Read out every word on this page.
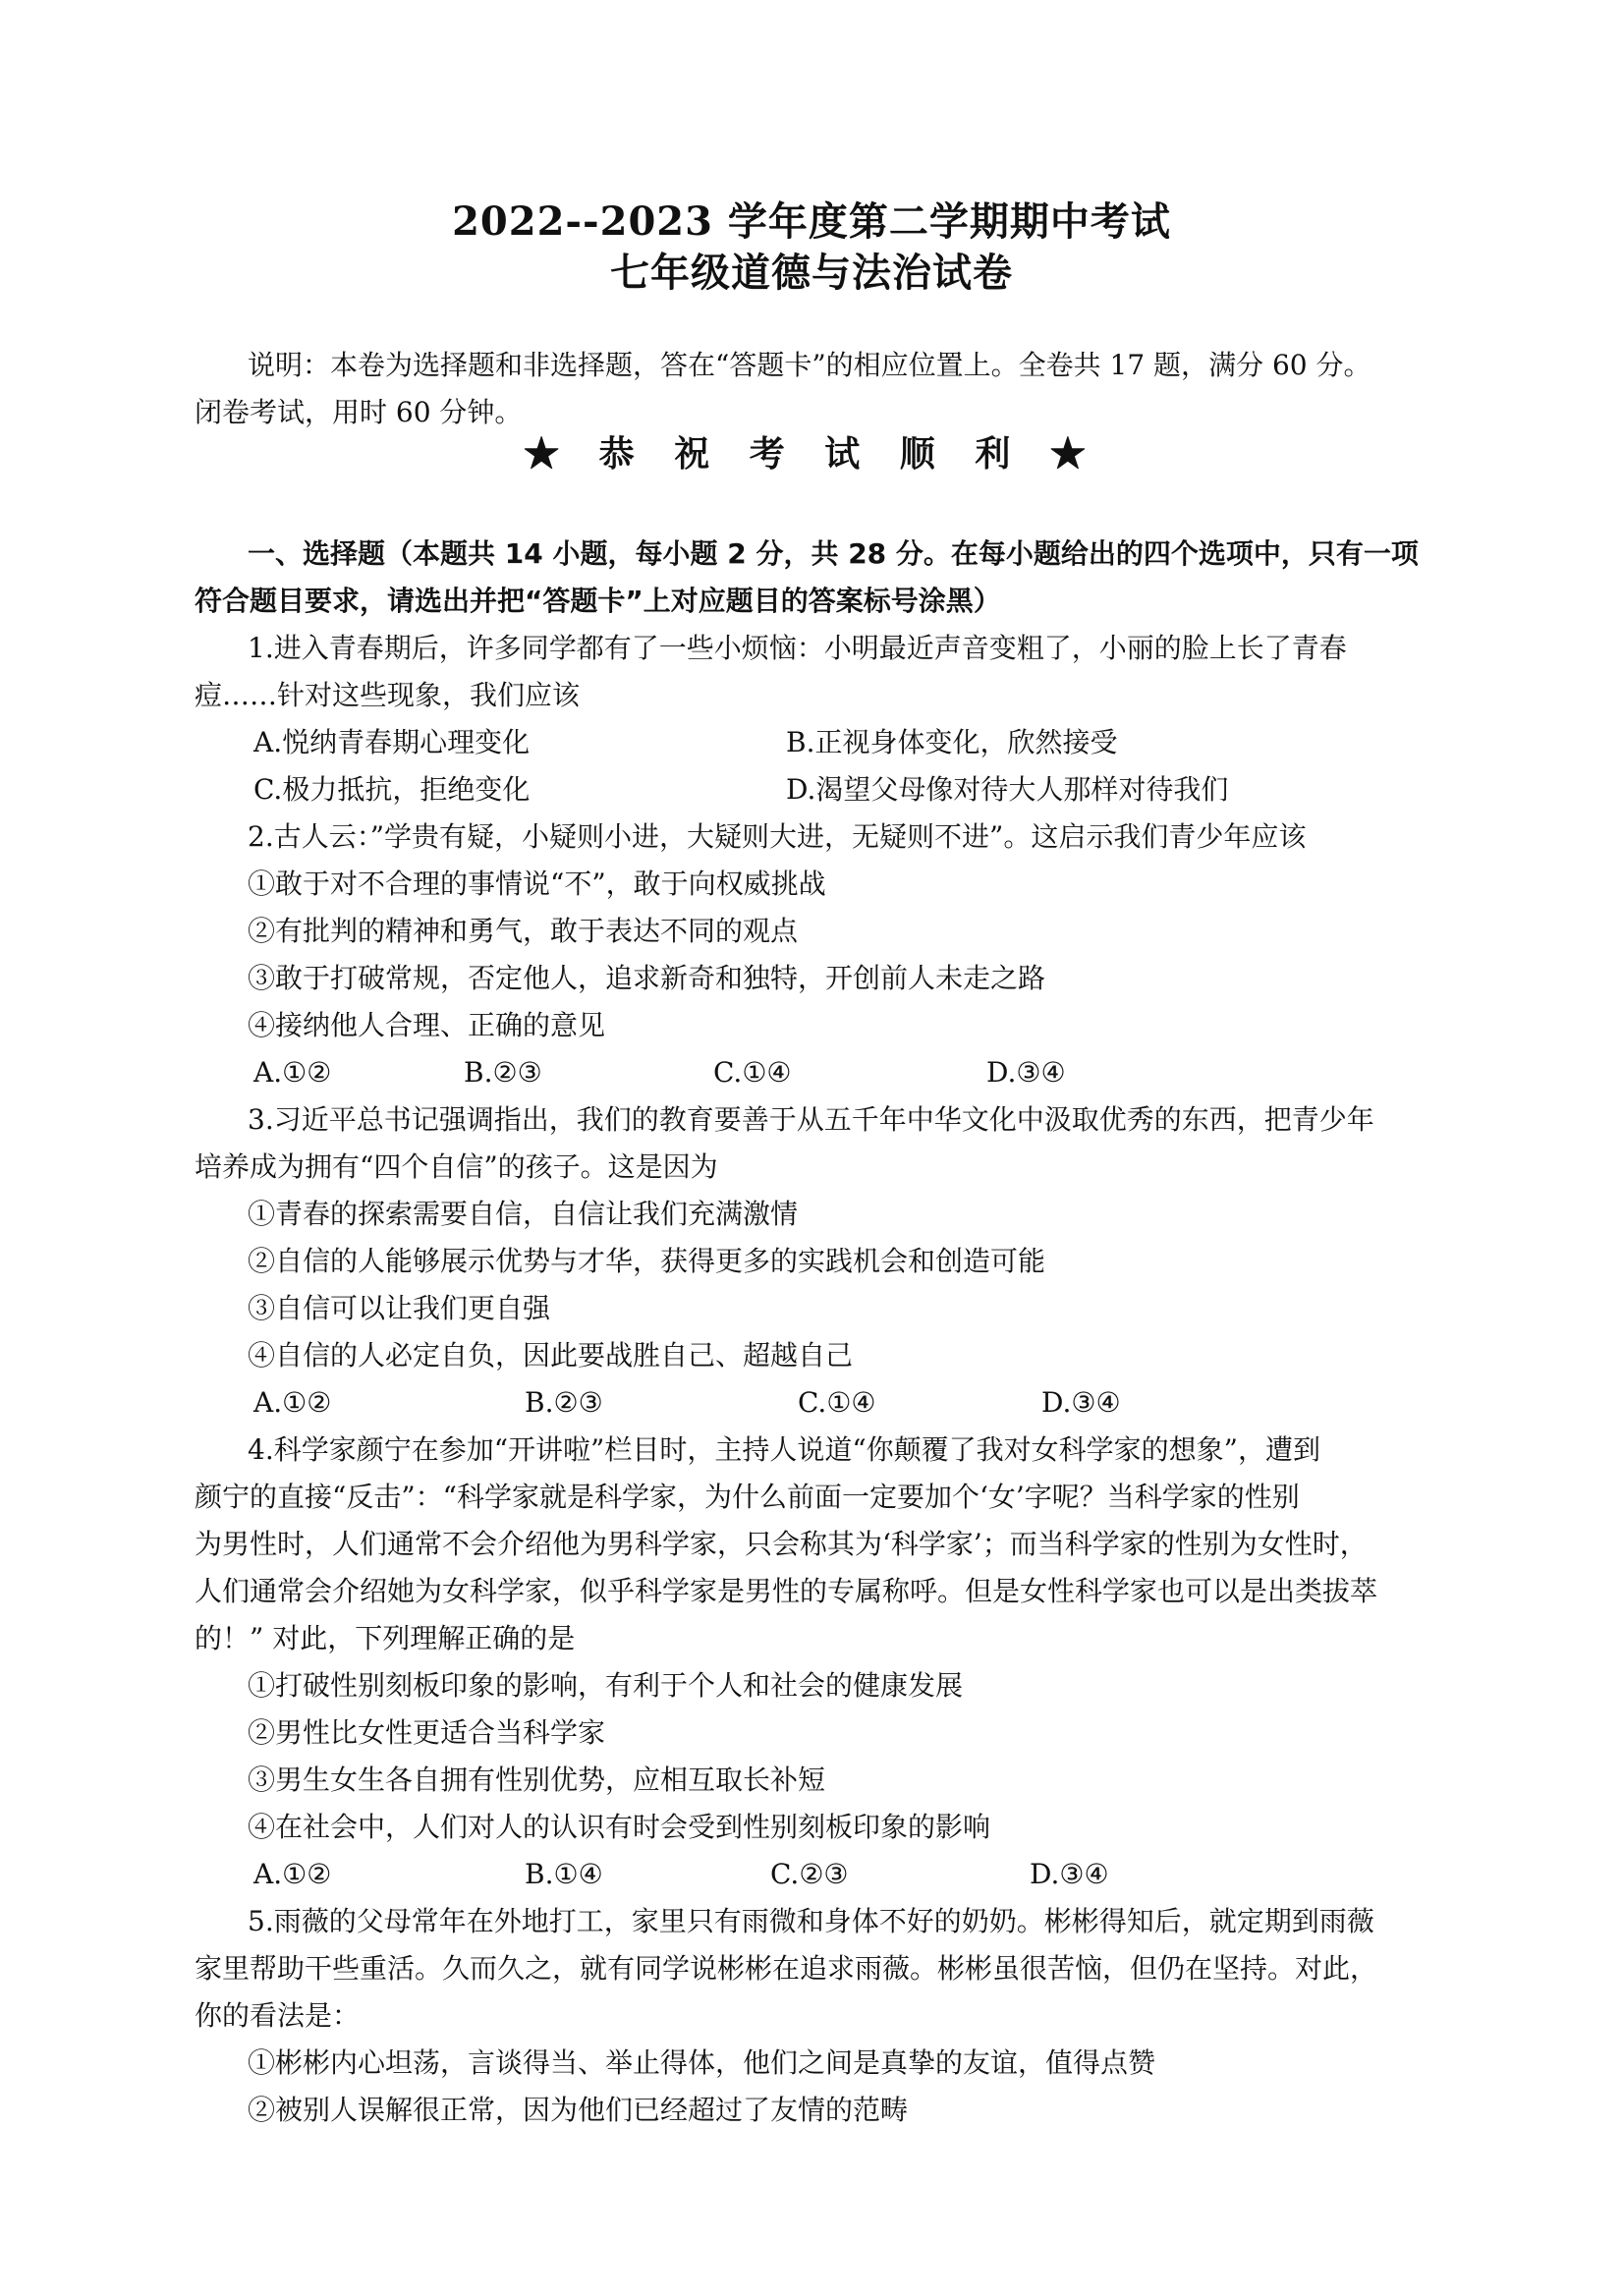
2022--2023 学年度第二学期期中考试
七年级道德与法治试卷
说明：本卷为选择题和非选择题，答在“答题卡”的相应位置上。全卷共 17 题，满分 60 分。
闭卷考试，用时 60 分钟。
★ 恭 祝 考 试 顺 利 ★
一、选择题（本题共 14 小题，每小题 2 分，共 28 分。在每小题给出的四个选项中，只有一项
符合题目要求，请选出并把“答题卡”上对应题目的答案标号涂黑）
1.进入青春期后，许多同学都有了一些小烦恼：小明最近声音变粗了，小丽的脸上长了青春
痘……针对这些现象，我们应该
A.悦纳青春期心理变化	B.正视身体变化，欣然接受
C.极力抵抗，拒绝变化	D.渴望父母像对待大人那样对待我们
2.古人云：”学贵有疑，小疑则小进，大疑则大进，无疑则不进”。这启示我们青少年应该
①敢于对不合理的事情说“不”，敢于向权威挑战
②有批判的精神和勇气，敢于表达不同的观点
③敢于打破常规，否定他人，追求新奇和独特，开创前人未走之路
④接纳他人合理、正确的意见
A.①②	B.②③	C.①④	D.③④
3.习近平总书记强调指出，我们的教育要善于从五千年中华文化中汲取优秀的东西，把青少年
培养成为拥有“四个自信”的孩子。这是因为
①青春的探索需要自信，自信让我们充满激情
②自信的人能够展示优势与才华，获得更多的实践机会和创造可能
③自信可以让我们更自强
④自信的人必定自负，因此要战胜自己、超越自己
A.①②	B.②③	C.①④	D.③④
4.科学家颜宁在参加“开讲啦”栏目时，主持人说道“你颠覆了我对女科学家的想象”，遭到
颜宁的直接“反击”：“科学家就是科学家，为什么前面一定要加个‘女’字呢？当科学家的性别
为男性时，人们通常不会介绍他为男科学家，只会称其为‘科学家’；而当科学家的性别为女性时，
人们通常会介绍她为女科学家，似乎科学家是男性的专属称呼。但是女性科学家也可以是出类拔萃
的！” 对此，下列理解正确的是
①打破性别刻板印象的影响，有利于个人和社会的健康发展
②男性比女性更适合当科学家
③男生女生各自拥有性别优势，应相互取长补短
④在社会中，人们对人的认识有时会受到性别刻板印象的影响
A.①②	B.①④	C.②③	D.③④
5.雨薇的父母常年在外地打工，家里只有雨微和身体不好的奶奶。彬彬得知后，就定期到雨薇
家里帮助干些重活。久而久之，就有同学说彬彬在追求雨薇。彬彬虽很苦恼，但仍在坚持。对此，
你的看法是：
①彬彬内心坦荡，言谈得当、举止得体，他们之间是真挚的友谊，值得点赞
②被别人误解很正常，因为他们已经超过了友情的范畴
